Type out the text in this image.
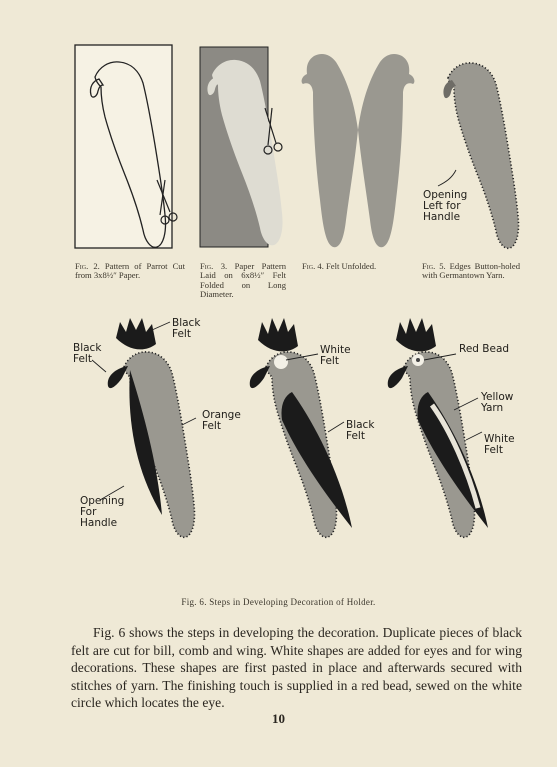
Fig. 2. Pattern of Parrot Cut from 3x8½″ Paper.
Fig. 3. Paper Pattern Laid on 6x8½″ Felt Folded on Long Diameter.
Fig. 4. Felt Unfolded.	Fig. 5. Edges Button-holed with Germantown Yarn.
Opening Left for Handle
Black Felt
Black Felt
Orange Felt
Opening For Handle
White Felt
Black Felt
Red Bead
Yellow Yarn
White Felt
Fig. 6. Steps in Developing Decoration of Holder.
Fig. 6 shows the steps in developing the decoration. Duplicate pieces of black felt are cut for bill, comb and wing. White shapes are added for eyes and for wing decorations. These shapes are first pasted in place and afterwards secured with stitches of yarn. The finishing touch is supplied in a red bead, sewed on the white circle which locates the eye.
10
